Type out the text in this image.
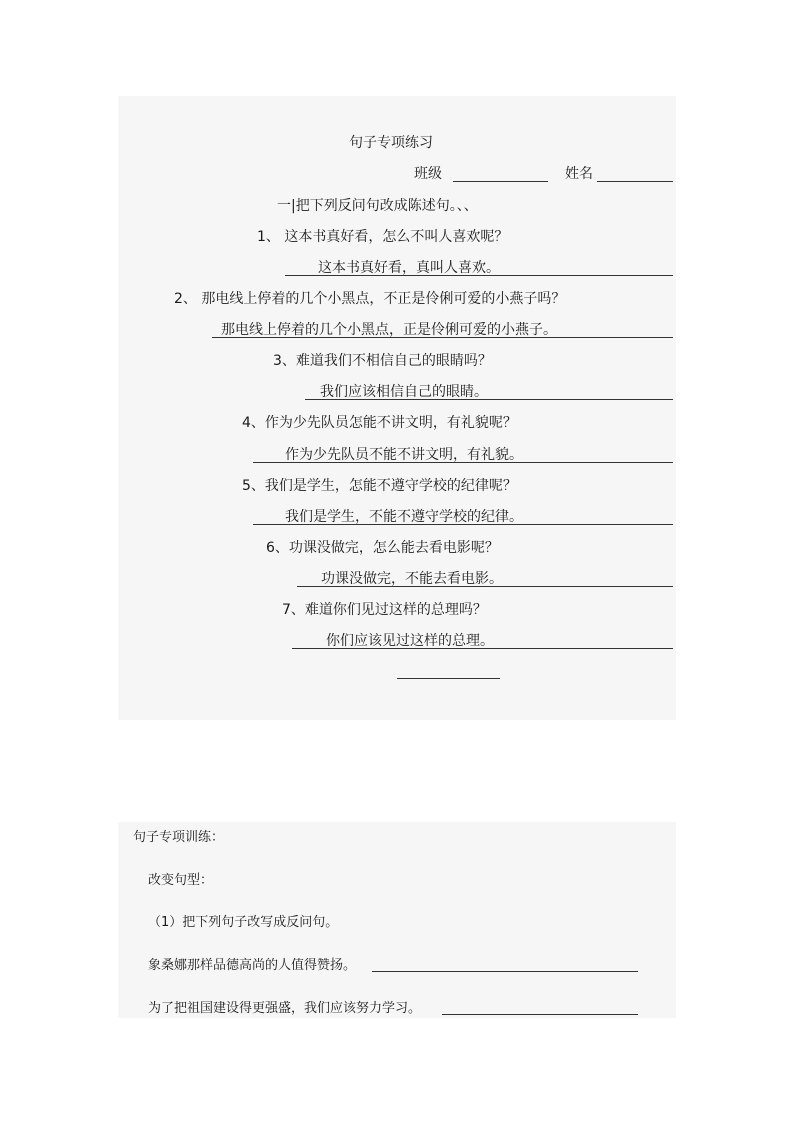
句子专项练习
班级	姓名
一|把下列反问句改成陈述句。、、
1、 这本书真好看，怎么不叫人喜欢呢？
这本书真好看，真叫人喜欢。
2、 那电线上停着的几个小黑点，不正是伶俐可爱的小燕子吗？
那电线上停着的几个小黑点，正是伶俐可爱的小燕子。
3、难道我们不相信自己的眼睛吗？
我们应该相信自己的眼睛。
4、作为少先队员怎能不讲文明，有礼貌呢？
作为少先队员不能不讲文明，有礼貌。
5、我们是学生，怎能不遵守学校的纪律呢？
我们是学生，不能不遵守学校的纪律。
6、功课没做完，怎么能去看电影呢？
功课没做完，不能去看电影。
7、难道你们见过这样的总理吗？
你们应该见过这样的总理。
句子专项训练：
改变句型：
（1）把下列句子改写成反问句。
象桑娜那样品德高尚的人值得赞扬。
为了把祖国建设得更强盛，我们应该努力学习。
